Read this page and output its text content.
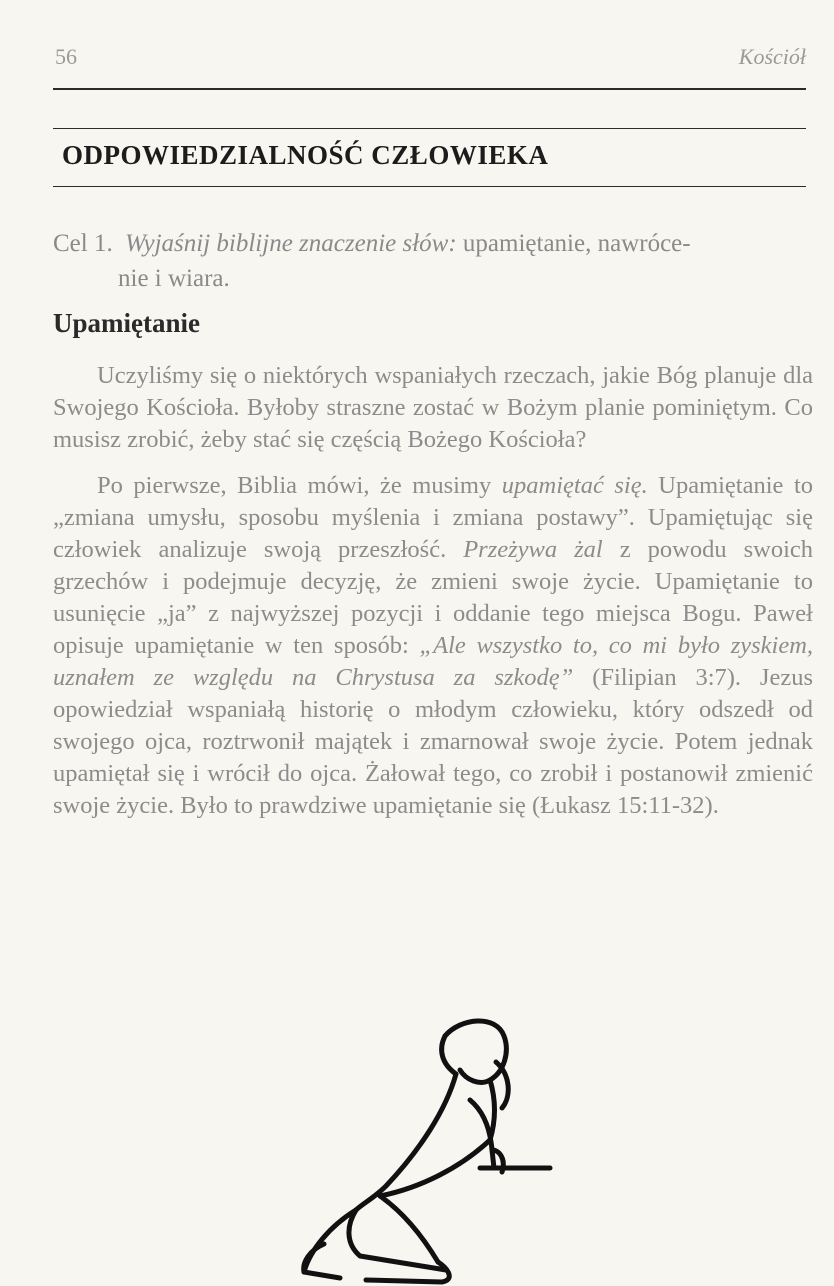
56	Kościół
ODPOWIEDZIALNOŚĆ CZŁOWIEKA
Cel 1. Wyjaśnij biblijne znaczenie słów: upamiętanie, nawróce-
nie i wiara.
Upamiętanie

Uczyliśmy się o niektórych wspaniałych rzeczach, jakie Bóg planuje dla Swojego Kościoła. Byłoby straszne zostać w Bożym planie pominiętym. Co musisz zrobić, żeby stać się częścią Bożego Kościoła?

Po pierwsze, Biblia mówi, że musimy upamiętać się. Upamiętanie to „zmiana umysłu, sposobu myślenia i zmiana postawy”. Upamiętując się człowiek analizuje swoją przeszłość. Przeżywa żal z powodu swoich grzechów i podejmuje decyzję, że zmieni swoje życie. Upamiętanie to usunięcie „ja” z najwyższej pozycji i oddanie tego miejsca Bogu. Paweł opisuje upamiętanie w ten sposób: „Ale wszystko to, co mi było zyskiem, uznałem ze względu na Chrystusa za szkodę” (Filipian 3:7). Jezus opowiedział wspaniałą historię o młodym człowieku, który odszedł od swojego ojca, roztrwonił majątek i zmarnował swoje życie. Potem jednak upamiętał się i wrócił do ojca. Żałował tego, co zrobił i postanowił zmienić swoje życie. Było to prawdziwe upamiętanie się (Łukasz 15:11-32).
